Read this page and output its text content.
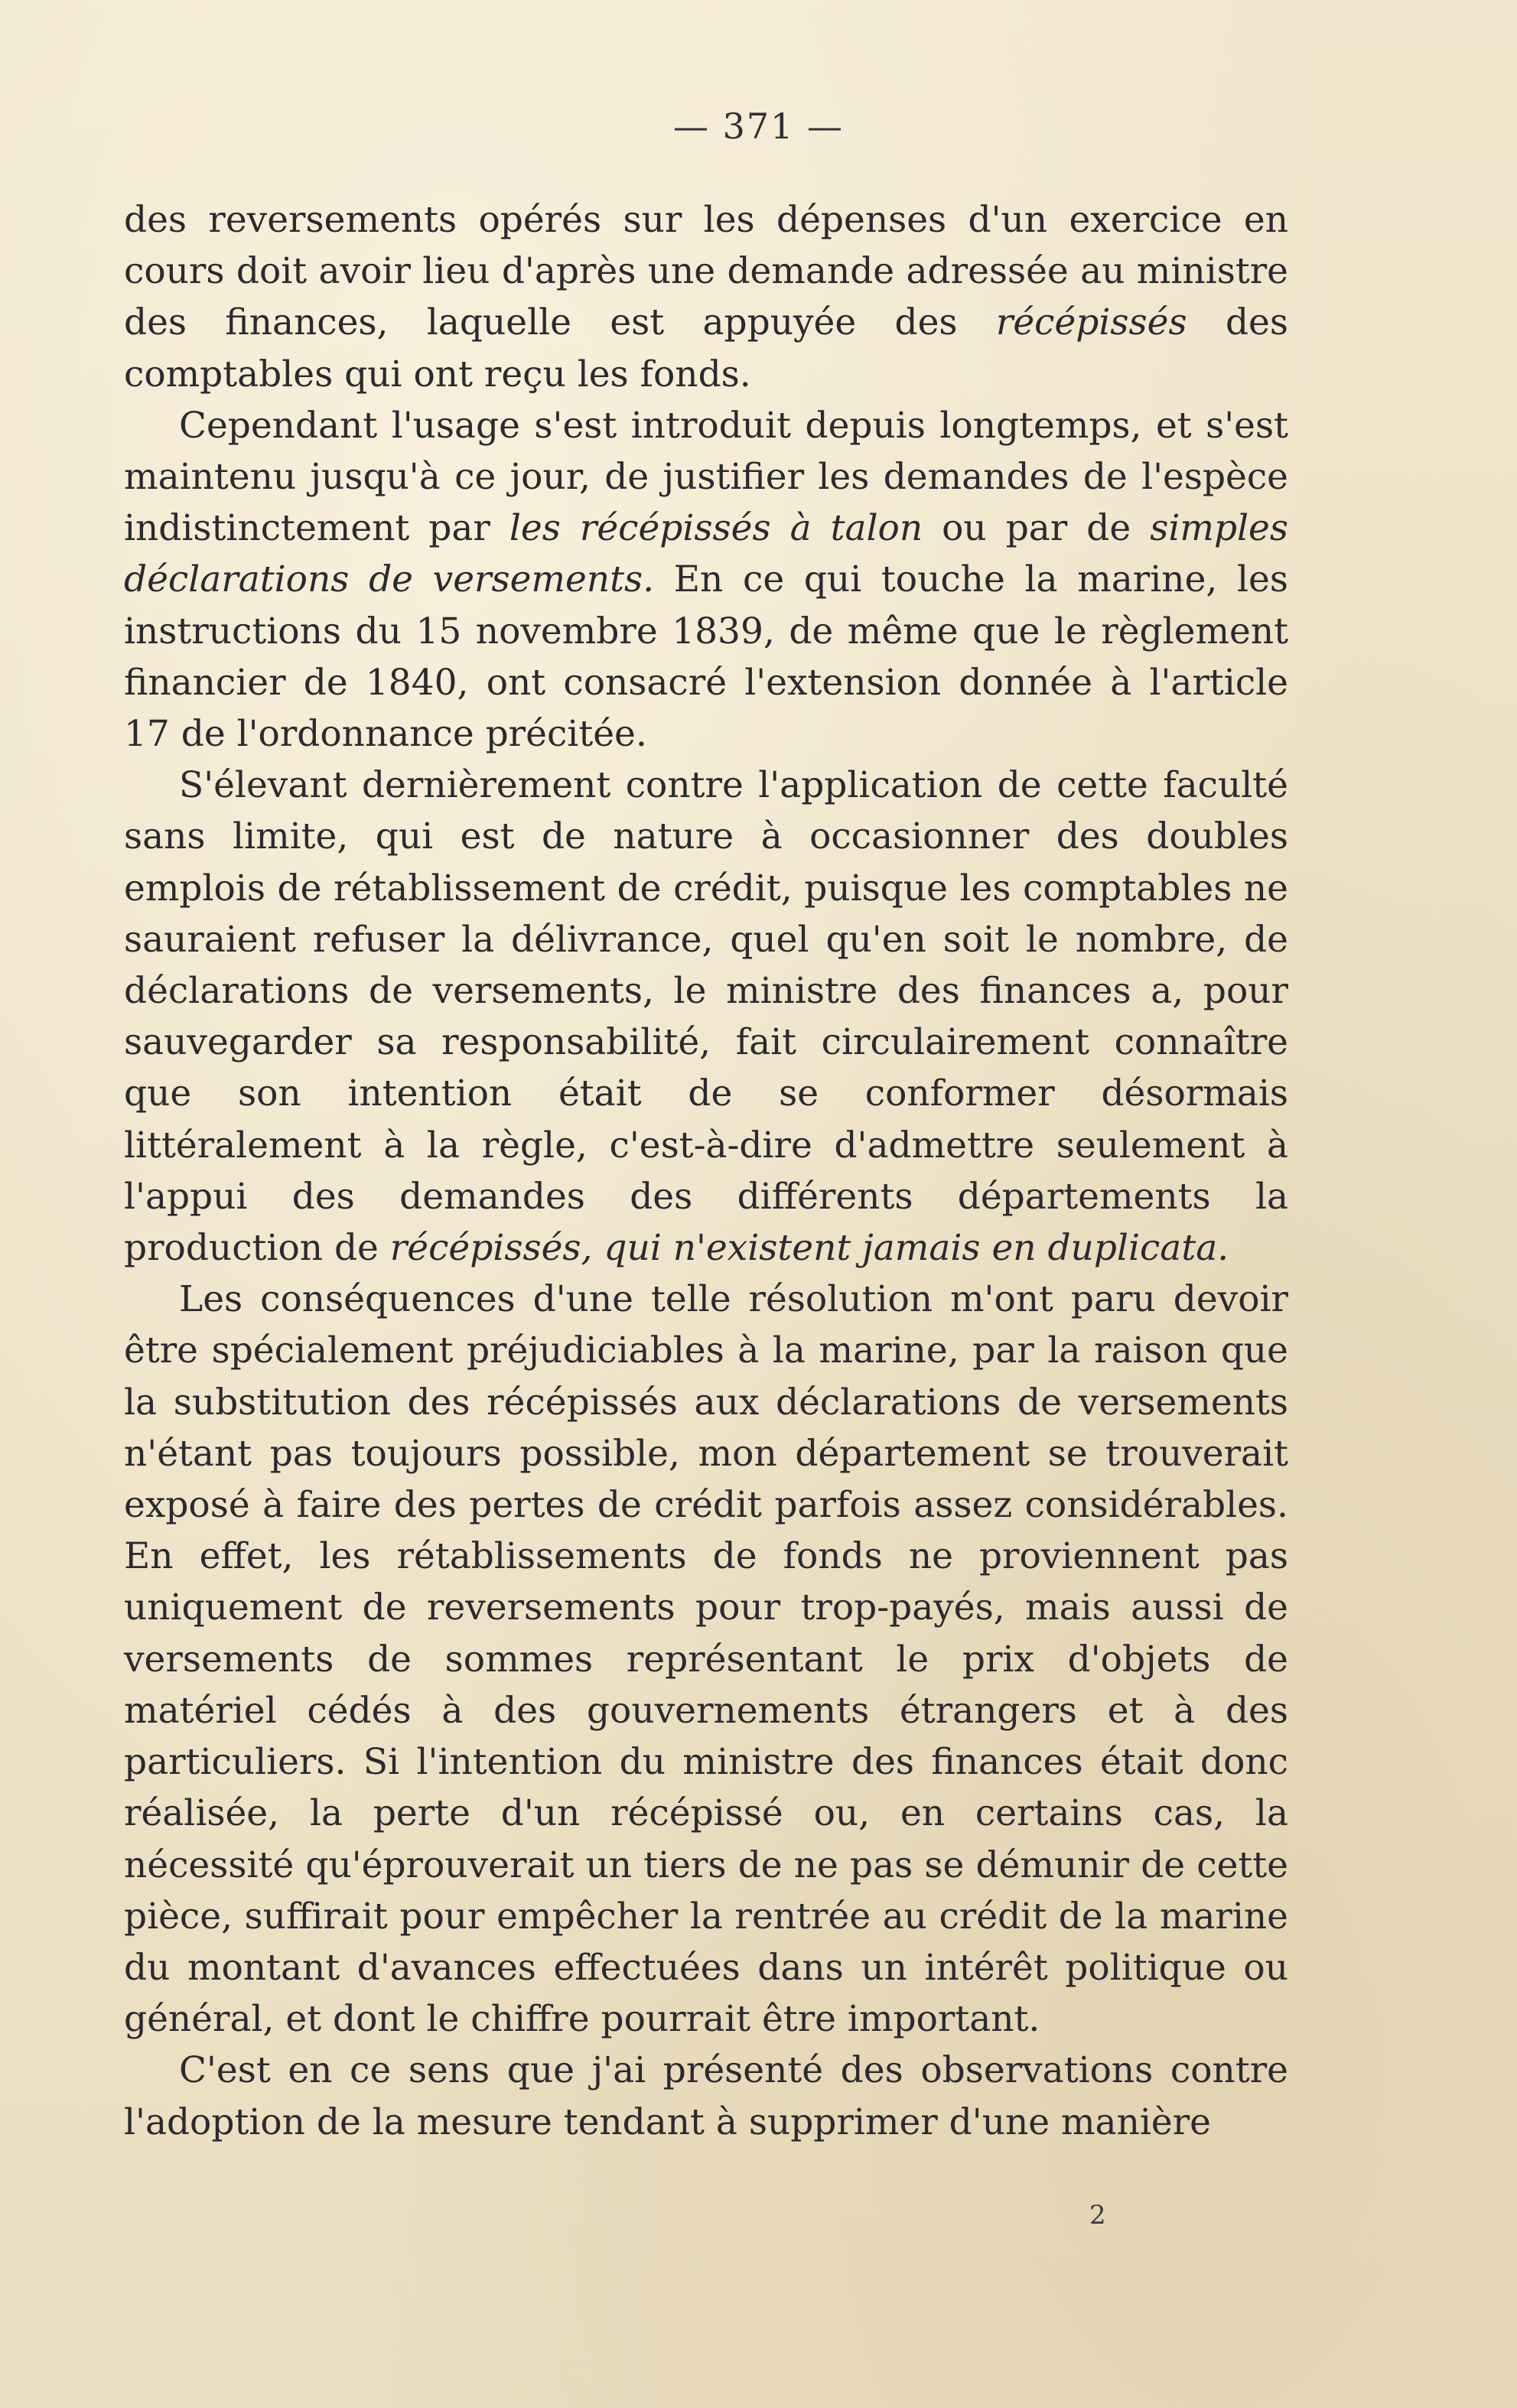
— 371 —

des reversements opérés sur les dépenses d'un exercice en cours doit avoir lieu d'après une demande adressée au ministre des finances, laquelle est appuyée des récépissés des comptables qui ont reçu les fonds.

Cependant l'usage s'est introduit depuis longtemps, et s'est maintenu jusqu'à ce jour, de justifier les demandes de l'espèce indistinctement par les récépissés à talon ou par de simples déclarations de versements. En ce qui touche la marine, les instructions du 15 novembre 1839, de même que le règlement financier de 1840, ont consacré l'extension donnée à l'article 17 de l'ordonnance précitée.

S'élevant dernièrement contre l'application de cette faculté sans limite, qui est de nature à occasionner des doubles emplois de rétablissement de crédit, puisque les comptables ne sauraient refuser la délivrance, quel qu'en soit le nombre, de déclarations de versements, le ministre des finances a, pour sauvegarder sa responsabilité, fait circulairement connaître que son intention était de se conformer désormais littéralement à la règle, c'est-à-dire d'admettre seulement à l'appui des demandes des différents départements la production de récépissés, qui n'existent jamais en duplicata.

Les conséquences d'une telle résolution m'ont paru devoir être spécialement préjudiciables à la marine, par la raison que la substitution des récépissés aux déclarations de versements n'étant pas toujours possible, mon département se trouverait exposé à faire des pertes de crédit parfois assez considérables. En effet, les rétablissements de fonds ne proviennent pas uniquement de reversements pour trop-payés, mais aussi de versements de sommes représentant le prix d'objets de matériel cédés à des gouvernements étrangers et à des particuliers. Si l'intention du ministre des finances était donc réalisée, la perte d'un récépissé ou, en certains cas, la nécessité qu'éprouverait un tiers de ne pas se démunir de cette pièce, suffirait pour empêcher la rentrée au crédit de la marine du montant d'avances effectuées dans un intérêt politique ou général, et dont le chiffre pourrait être important.

C'est en ce sens que j'ai présenté des observations contre l'adoption de la mesure tendant à supprimer d'une manière

2
